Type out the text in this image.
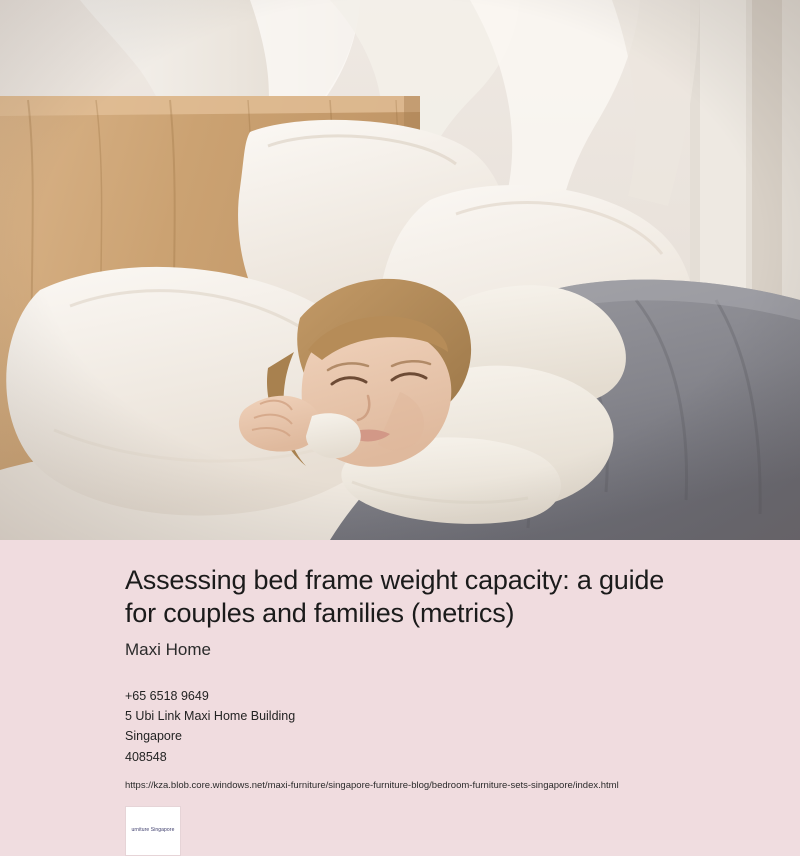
Assessing bed frame weight capacity: a guide for couples and families (metrics)
Maxi Home
+65 6518 9649
5 Ubi Link Maxi Home Building
Singapore
408548
https://kza.blob.core.windows.net/maxi-furniture/singapore-furniture-blog/bedroom-furniture-sets-singapore/index.html
urniture Singapore
